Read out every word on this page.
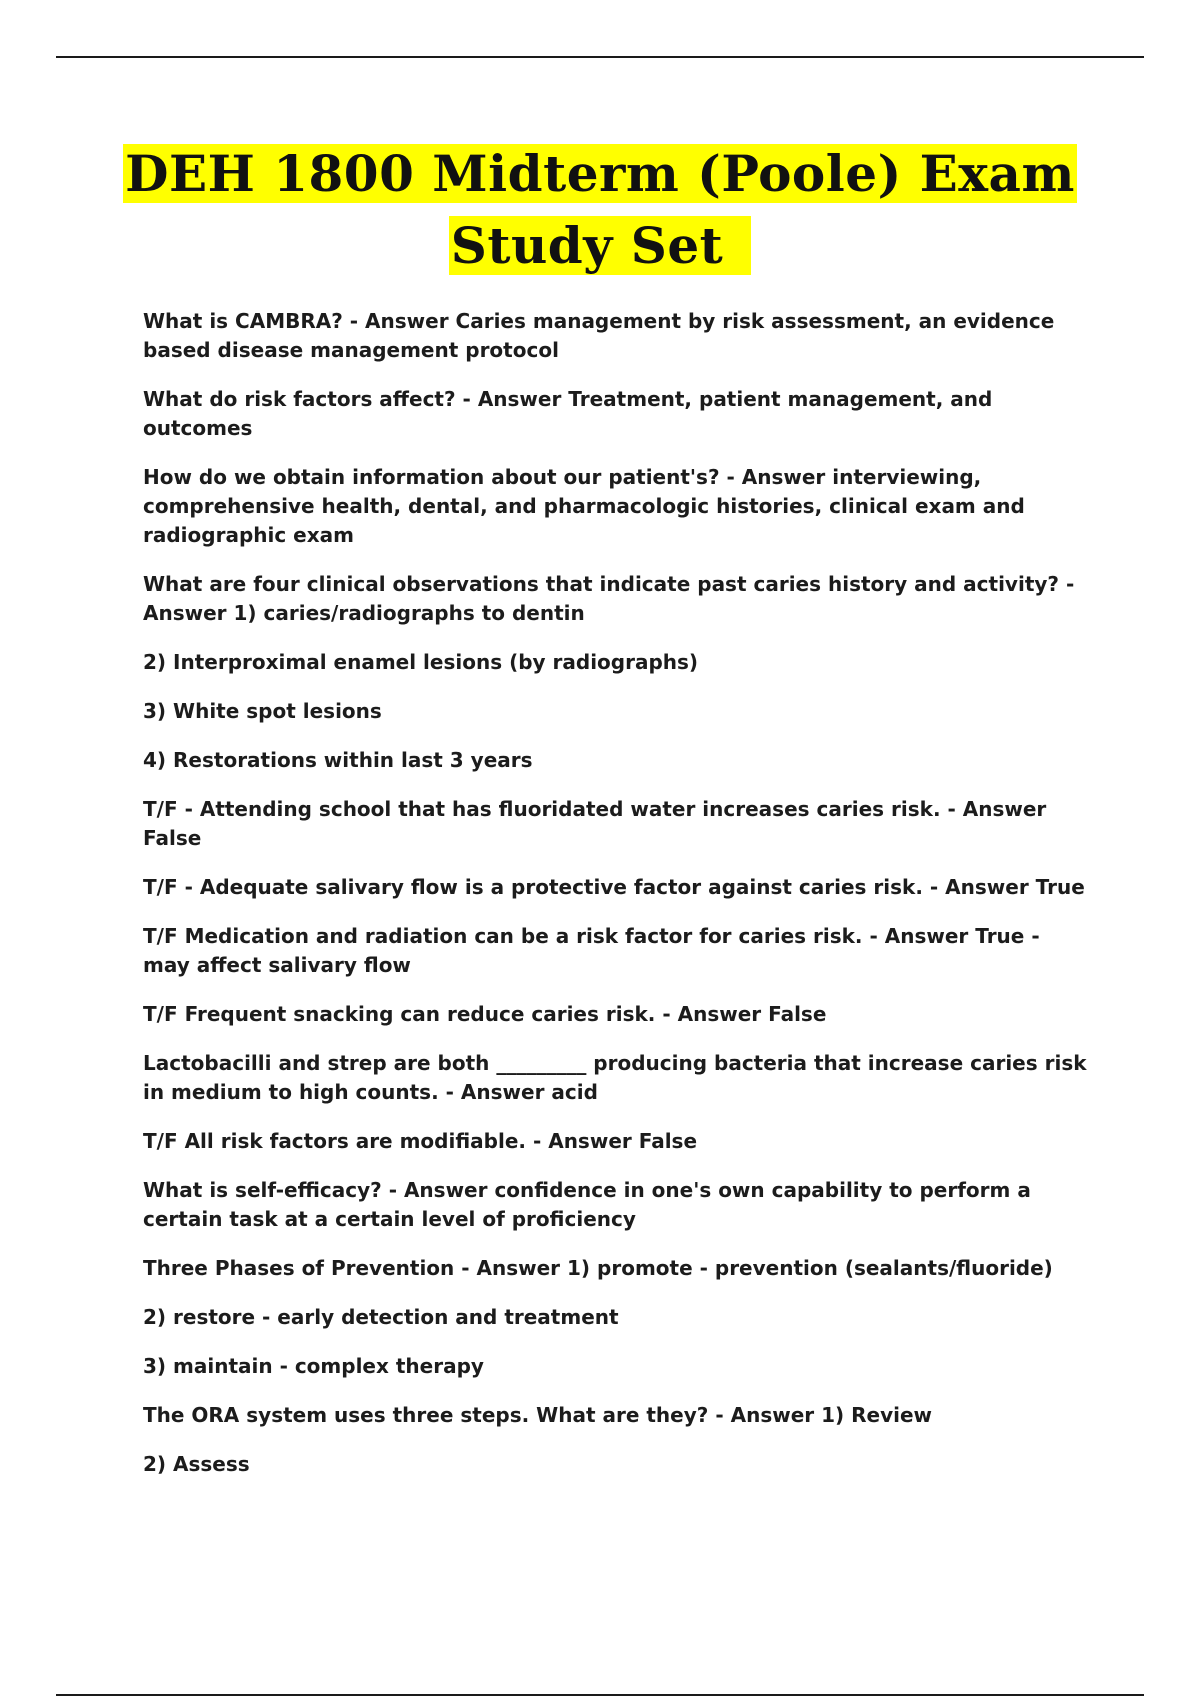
DEH 1800 Midterm (Poole) Exam
Study Set

What is CAMBRA? - Answer Caries management by risk assessment, an evidence based disease management protocol

What do risk factors affect? - Answer Treatment, patient management, and outcomes

How do we obtain information about our patient's? - Answer interviewing, comprehensive health, dental, and pharmacologic histories, clinical exam and radiographic exam

What are four clinical observations that indicate past caries history and activity? - Answer 1) caries/radiographs to dentin

2) Interproximal enamel lesions (by radiographs)

3) White spot lesions

4) Restorations within last 3 years

T/F - Attending school that has fluoridated water increases caries risk. - Answer False

T/F - Adequate salivary flow is a protective factor against caries risk. - Answer True

T/F Medication and radiation can be a risk factor for caries risk. - Answer True - may affect salivary flow

T/F Frequent snacking can reduce caries risk. - Answer False

Lactobacilli and strep are both _________ producing bacteria that increase caries risk in medium to high counts. - Answer acid

T/F All risk factors are modifiable. - Answer False

What is self-efficacy? - Answer confidence in one's own capability to perform a certain task at a certain level of proficiency

Three Phases of Prevention - Answer 1) promote - prevention (sealants/fluoride)

2) restore - early detection and treatment

3) maintain - complex therapy

The ORA system uses three steps. What are they? - Answer 1) Review

2) Assess
